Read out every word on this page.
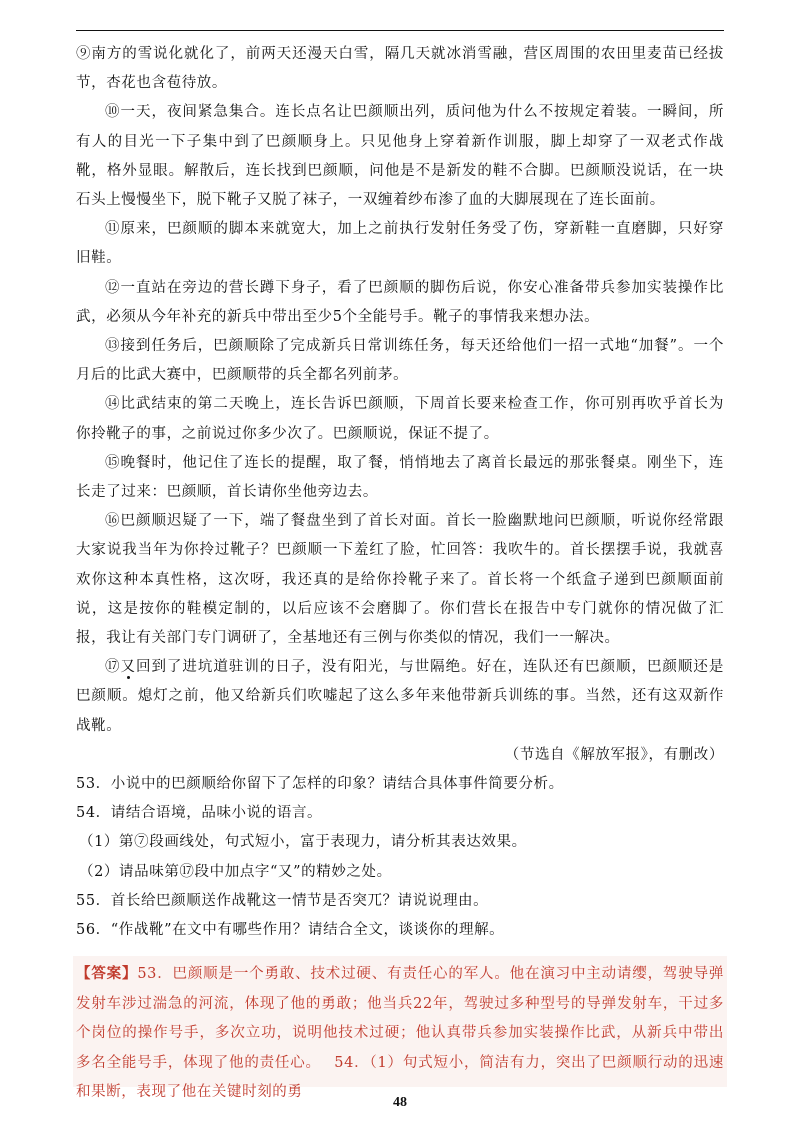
⑨南方的雪说化就化了，前两天还漫天白雪，隔几天就冰消雪融，营区周围的农田里麦苗已经拔节，杏花也含苞待放。

⑩一天，夜间紧急集合。连长点名让巴颜顺出列，质问他为什么不按规定着装。一瞬间，所有人的目光一下子集中到了巴颜顺身上。只见他身上穿着新作训服，脚上却穿了一双老式作战靴，格外显眼。解散后，连长找到巴颜顺，问他是不是新发的鞋不合脚。巴颜顺没说话，在一块石头上慢慢坐下，脱下靴子又脱了袜子，一双缠着纱布渗了血的大脚展现在了连长面前。

⑪原来，巴颜顺的脚本来就宽大，加上之前执行发射任务受了伤，穿新鞋一直磨脚，只好穿旧鞋。

⑫一直站在旁边的营长蹲下身子，看了巴颜顺的脚伤后说，你安心准备带兵参加实装操作比武，必须从今年补充的新兵中带出至少5个全能号手。靴子的事情我来想办法。

⑬接到任务后，巴颜顺除了完成新兵日常训练任务，每天还给他们一招一式地“加餐”。一个月后的比武大赛中，巴颜顺带的兵全都名列前茅。

⑭比武结束的第二天晚上，连长告诉巴颜顺，下周首长要来检查工作，你可别再吹乎首长为你拎靴子的事，之前说过你多少次了。巴颜顺说，保证不提了。

⑮晚餐时，他记住了连长的提醒，取了餐，悄悄地去了离首长最远的那张餐桌。刚坐下，连长走了过来：巴颜顺，首长请你坐他旁边去。

⑯巴颜顺迟疑了一下，端了餐盘坐到了首长对面。首长一脸幽默地问巴颜顺，听说你经常跟大家说我当年为你拎过靴子？巴颜顺一下羞红了脸，忙回答：我吹牛的。首长摆摆手说，我就喜欢你这种本真性格，这次呀，我还真的是给你拎靴子来了。首长将一个纸盒子递到巴颜顺面前说，这是按你的鞋模定制的，以后应该不会磨脚了。你们营长在报告中专门就你的情况做了汇报，我让有关部门专门调研了，全基地还有三例与你类似的情况，我们一一解决。

⑰又回到了进坑道驻训的日子，没有阳光，与世隔绝。好在，连队还有巴颜顺，巴颜顺还是巴颜顺。熄灯之前，他又给新兵们吹嘘起了这么多年来他带新兵训练的事。当然，还有这双新作战靴。

（节选自《解放军报》，有删改）

53．小说中的巴颜顺给你留下了怎样的印象？请结合具体事件简要分析。

54．请结合语境，品味小说的语言。

（1）第⑦段画线处，句式短小，富于表现力，请分析其表达效果。

（2）请品味第⑰段中加点字“又”的精妙之处。

55．首长给巴颜顺送作战靴这一情节是否突兀？请说说理由。

56．“作战靴”在文中有哪些作用？请结合全文，谈谈你的理解。

【答案】53．巴颜顺是一个勇敢、技术过硬、有责任心的军人。他在演习中主动请缨，驾驶导弹发射车涉过湍急的河流，体现了他的勇敢；他当兵22年，驾驶过多种型号的导弹发射车，干过多个岗位的操作号手，多次立功，说明他技术过硬；他认真带兵参加实装操作比武，从新兵中带出多名全能号手，体现了他的责任心。　 54．（1）句式短小，简洁有力，突出了巴颜顺行动的迅速和果断，表现了他在关键时刻的勇
48
